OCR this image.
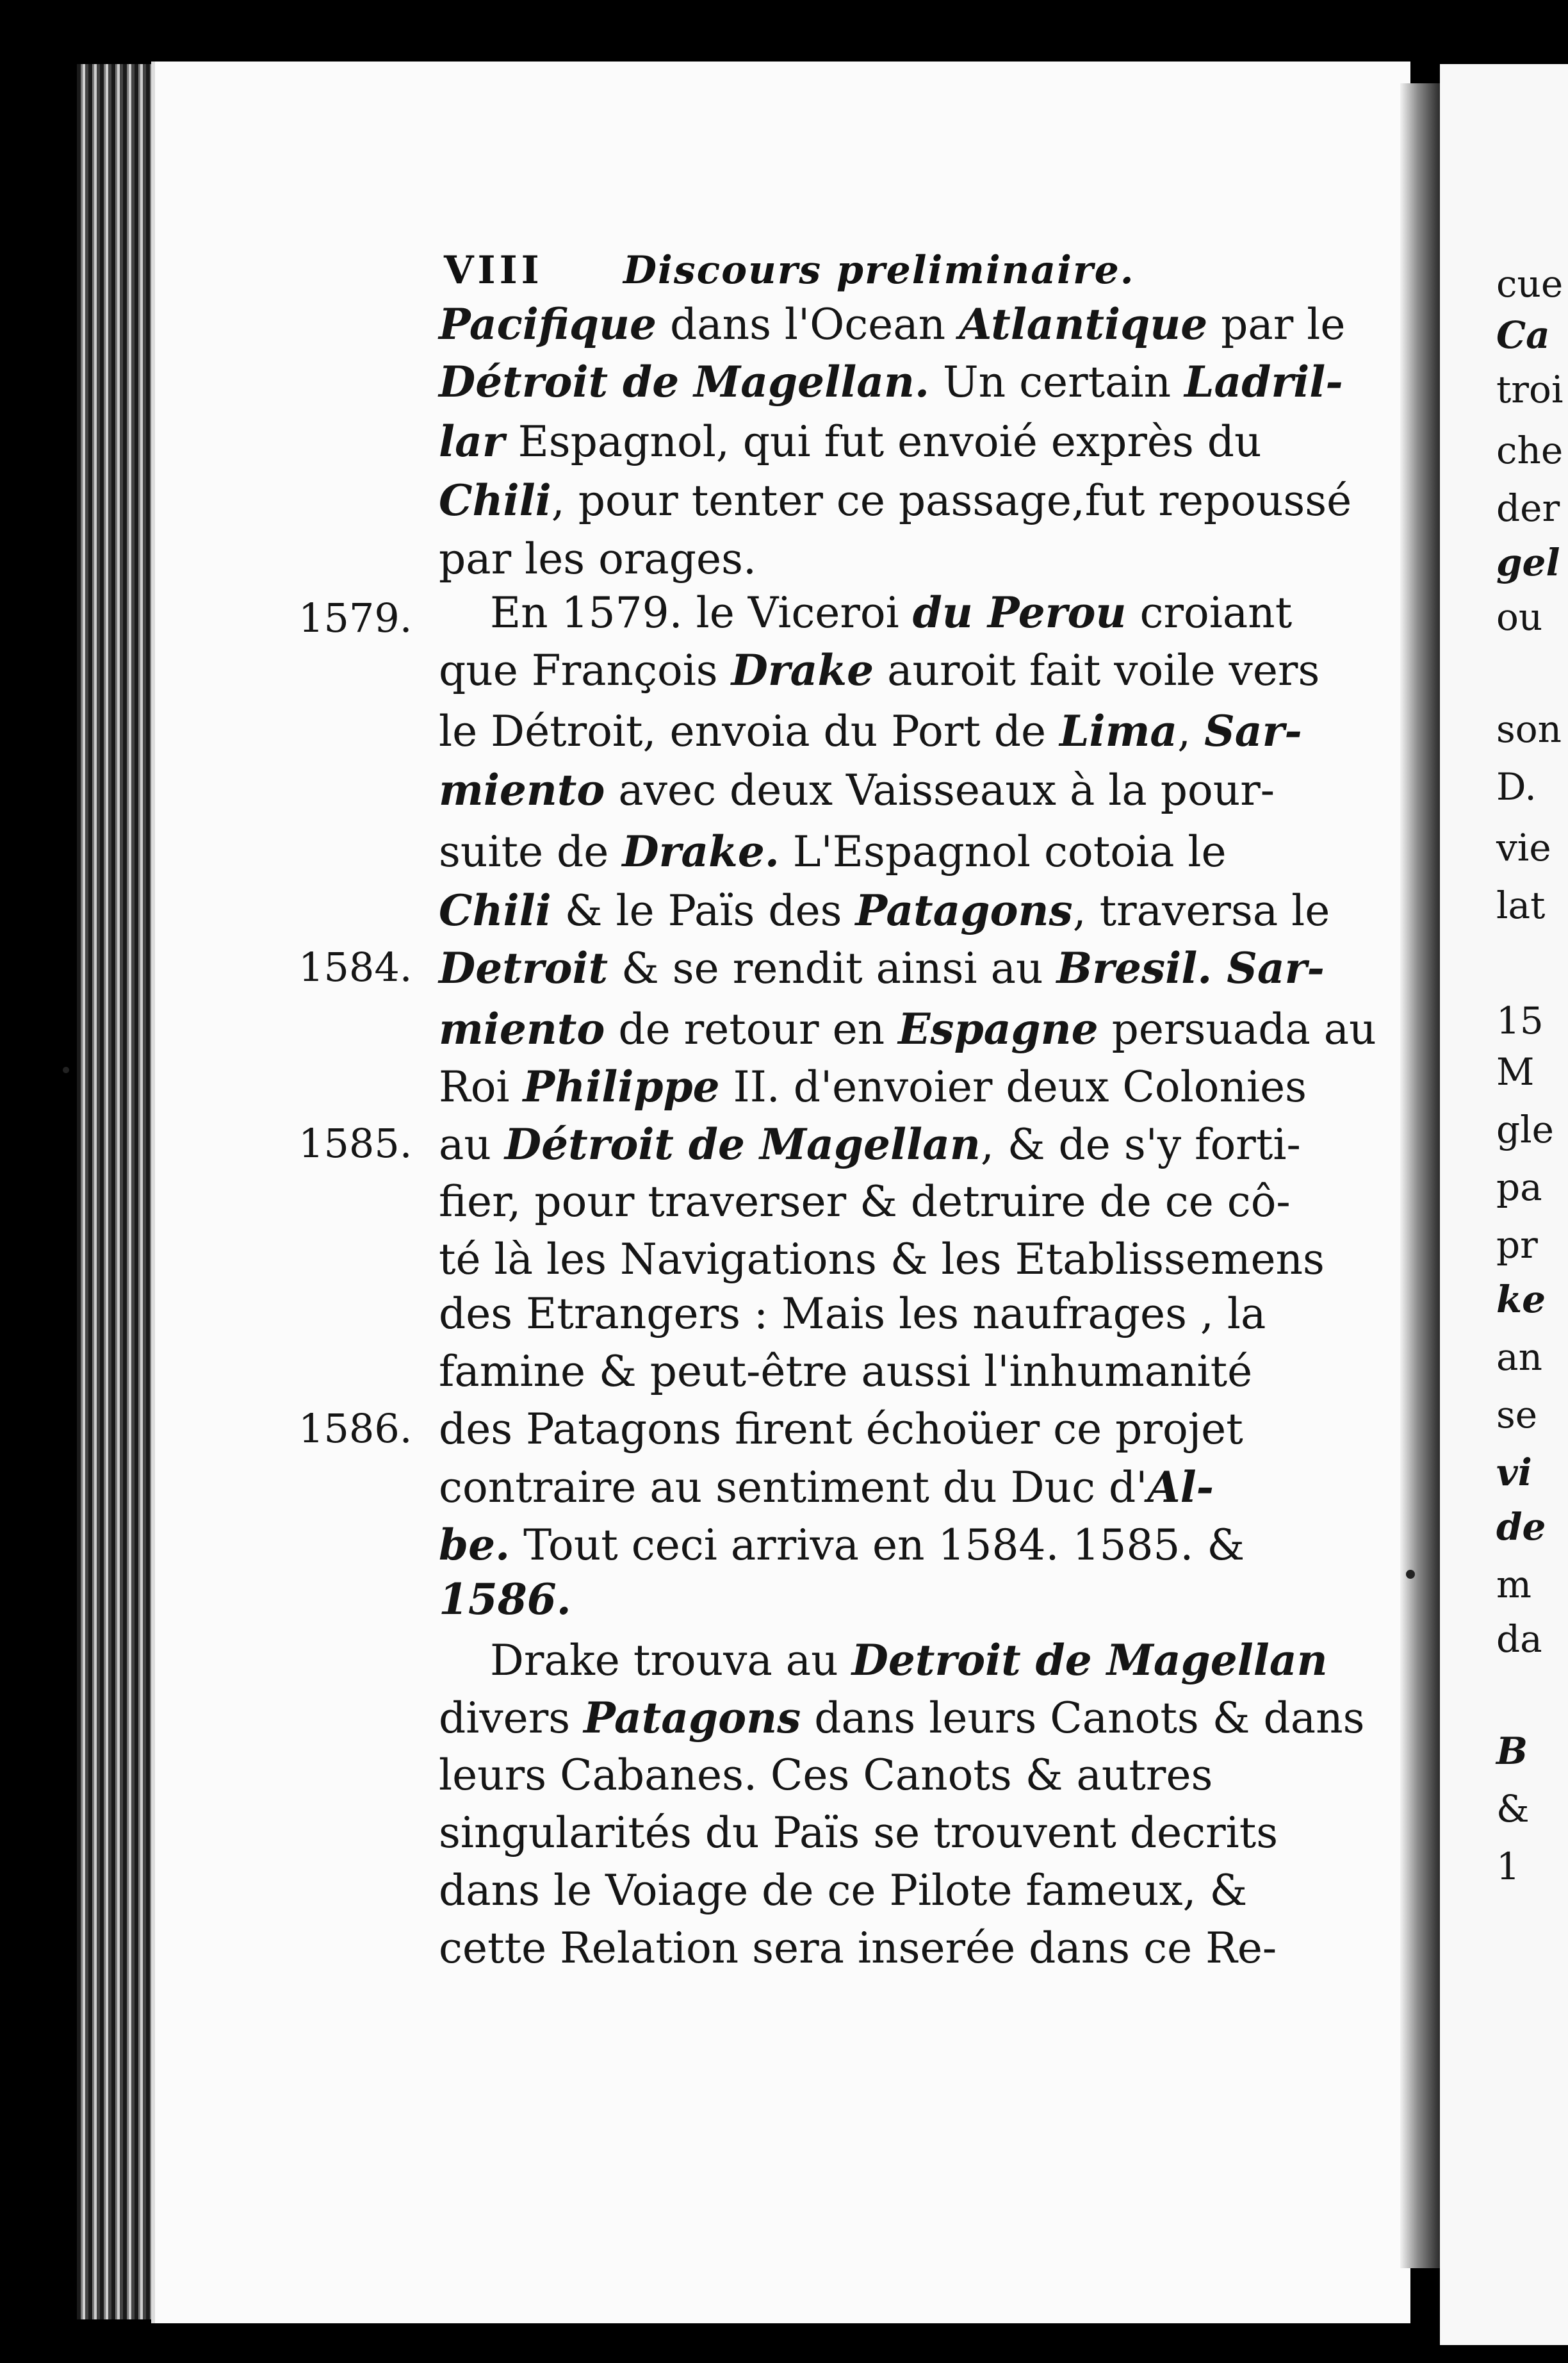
VIII Discours preliminaire.
Pacifique dans l'Ocean Atlantique par le
Détroit de Magellan. Un certain Ladril-
lar Espagnol, qui fut envoié exprès du
Chili, pour tenter ce passage,fut repoussé
par les orages.
En 1579. le Viceroi du Perou croiant
que François Drake auroit fait voile vers
le Détroit, envoia du Port de Lima, Sar-
miento avec deux Vaisseaux à la pour-
suite de Drake. L'Espagnol cotoia le
Chili & le Païs des Patagons, traversa le
Detroit & se rendit ainsi au Bresil. Sar-
miento de retour en Espagne persuada au
Roi Philippe II. d'envoier deux Colonies
au Détroit de Magellan, & de s'y forti-
fier, pour traverser & detruire de ce cô-
té là les Navigations & les Etablissemens
des Etrangers : Mais les naufrages , la
famine & peut-être aussi l'inhumanité
des Patagons firent échoüer ce projet
contraire au sentiment du Duc d'Al-
be. Tout ceci arriva en 1584. 1585. &
1586.
Drake trouva au Detroit de Magellan
divers Patagons dans leurs Canots & dans
leurs Cabanes. Ces Canots & autres
singularités du Païs se trouvent decrits
dans le Voiage de ce Pilote fameux, &
cette Relation sera inserée dans ce Re-
1579.
1584.
1585.
1586.
cue
Ca
troi
che
der
gel
ou
son
D.
vie
lat
15
M
gle
pa
pr
ke
an
se
vi
de
m
da
B
&
1
